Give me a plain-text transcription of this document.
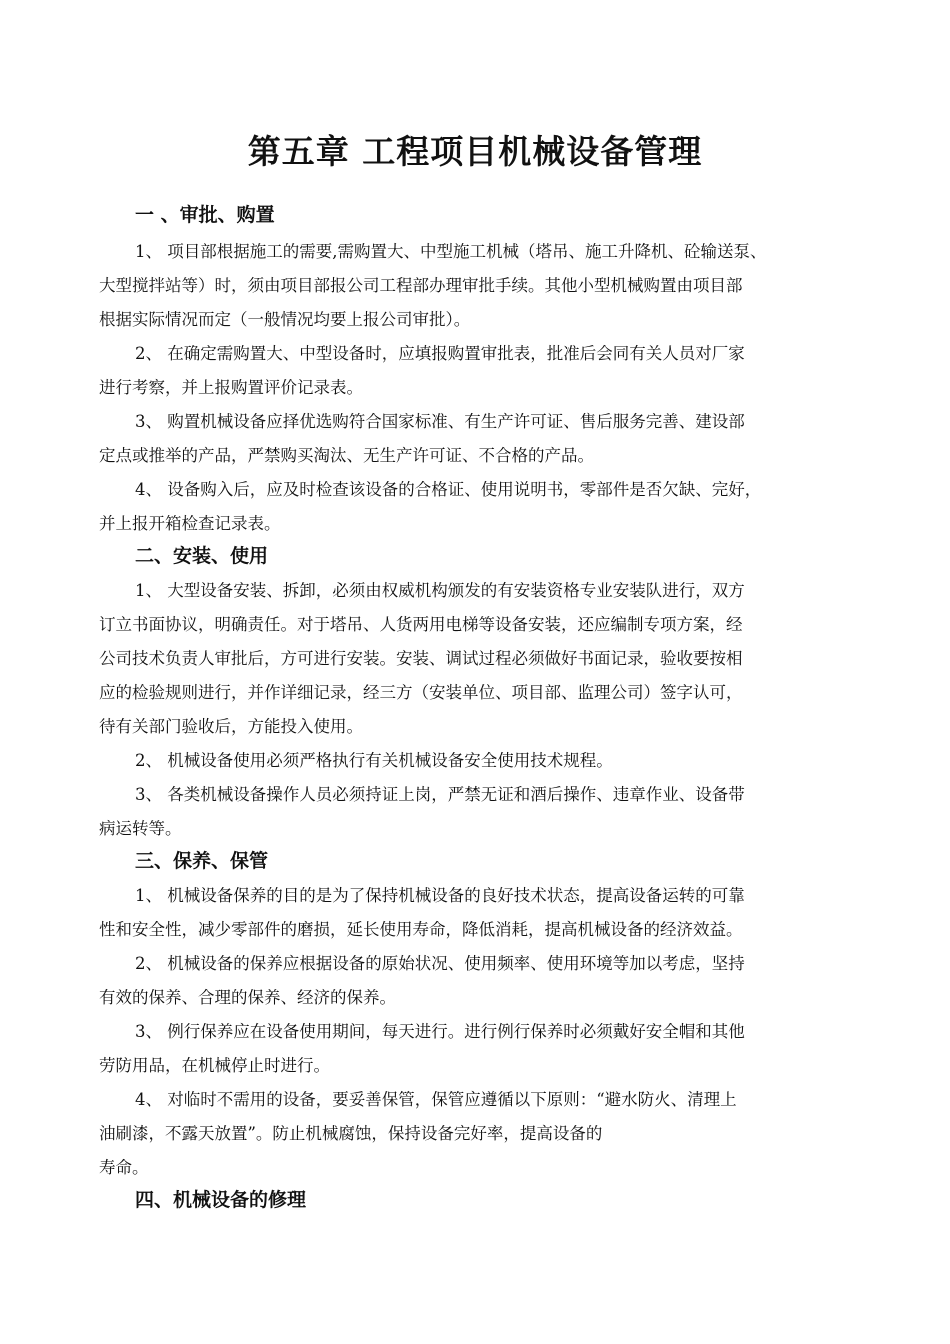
第五章 工程项目机械设备管理
一 、审批、购置
1、 项目部根据施工的需要,需购置大、中型施工机械（塔吊、施工升降机、砼输送泵、
大型搅拌站等）时，须由项目部报公司工程部办理审批手续。其他小型机械购置由项目部
根据实际情况而定（一般情况均要上报公司审批）。
2、 在确定需购置大、中型设备时，应填报购置审批表，批准后会同有关人员对厂家
进行考察，并上报购置评价记录表。
3、 购置机械设备应择优选购符合国家标准、有生产许可证、售后服务完善、建设部
定点或推举的产品，严禁购买淘汰、无生产许可证、不合格的产品。
4、 设备购入后，应及时检查该设备的合格证、使用说明书，零部件是否欠缺、完好，
并上报开箱检查记录表。
二、安装、使用
1、 大型设备安装、拆卸，必须由权威机构颁发的有安装资格专业安装队进行，双方
订立书面协议，明确责任。对于塔吊、人货两用电梯等设备安装，还应编制专项方案，经
公司技术负责人审批后，方可进行安装。安装、调试过程必须做好书面记录，验收要按相
应的检验规则进行，并作详细记录，经三方（安装单位、项目部、监理公司）签字认可，
待有关部门验收后，方能投入使用。
2、 机械设备使用必须严格执行有关机械设备安全使用技术规程。
3、 各类机械设备操作人员必须持证上岗，严禁无证和酒后操作、违章作业、设备带
病运转等。
三、保养、保管
1、 机械设备保养的目的是为了保持机械设备的良好技术状态，提高设备运转的可靠
性和安全性，减少零部件的磨损，延长使用寿命，降低消耗，提高机械设备的经济效益。
2、 机械设备的保养应根据设备的原始状况、使用频率、使用环境等加以考虑，坚持
有效的保养、合理的保养、经济的保养。
3、 例行保养应在设备使用期间，每天进行。进行例行保养时必须戴好安全帽和其他
劳防用品，在机械停止时进行。
4、 对临时不需用的设备，要妥善保管，保管应遵循以下原则：“避水防火、清理上
油刷漆，不露天放置”。防止机械腐蚀，保持设备完好率，提高设备的
寿命。
四、机械设备的修理
